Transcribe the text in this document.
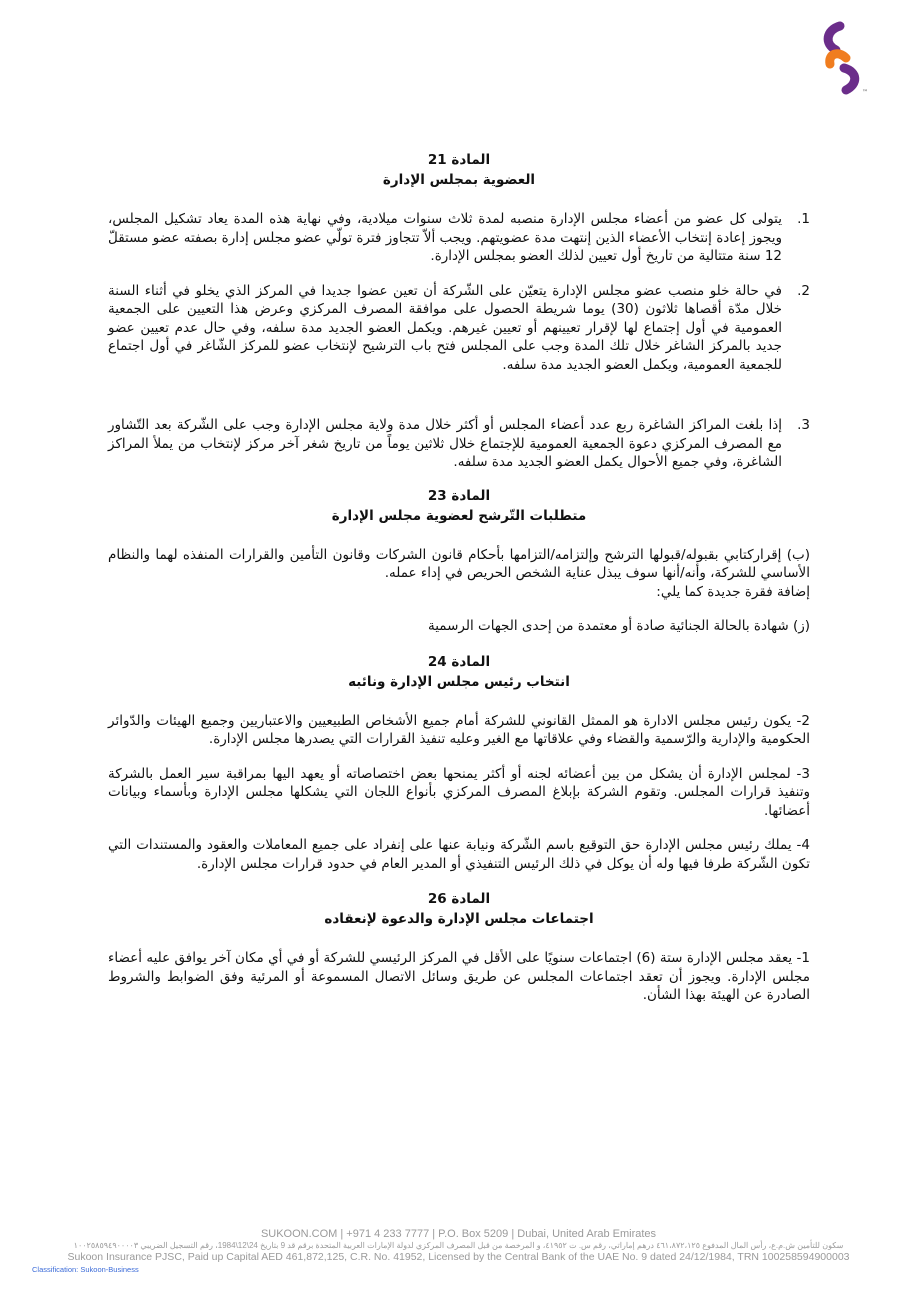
™
المادة 21
العضوية بمجلس الإدارة
1.
يتولى كل عضو من أعضاء مجلس الإدارة منصبه لمدة ثلاث سنوات ميلادية، وفي نهاية هذه المدة يعاد تشكيل المجلس، ويجوز إعادة إنتخاب الأعضاء الذين إنتهت مدة عضويتهم. ويجب ألاّ تتجاوز فترة تولّي عضو مجلس إدارة بصفته عضو مستقلّ 12 سنة متتالية من تاريخ أول تعيين لذلك العضو بمجلس الإدارة.
2.
في حالة خلو منصب عضو مجلس الإدارة يتعيّن على الشّركة أن تعين عضوا جديدا في المركز الذي يخلو في أثناء السنة خلال مدّة أقصاها ثلاثون (30) يوما شريطة الحصول على موافقة المصرف المركزي وعرض هذا التعيين على الجمعية العمومية في أول إجتماع لها لإقرار تعيينهم أو تعيين غيرهم. ويكمل العضو الجديد مدة سلفه، وفي حال عدم تعيين عضو جديد بالمركز الشاغر خلال تلك المدة وجب على المجلس فتح باب الترشيح لإنتخاب عضو للمركز الشّاغر في أول اجتماع للجمعية العمومية، ويكمل العضو الجديد مدة سلفه.
3.
إذا بلغت المراكز الشاغرة ربع عدد أعضاء المجلس أو أكثر خلال مدة ولاية مجلس الإدارة وجب على الشّركة بعد التّشاور مع المصرف المركزي دعوة الجمعية العمومية للإجتماع خلال ثلاثين يوماً من تاريخ شغر آخر مركز لإنتخاب من يملأ المراكز الشاغرة، وفي جميع الأحوال يكمل العضو الجديد مدة سلفه.
المادة 23
متطلبات التّرشح لعضوية مجلس الإدارة
(ب) إقراركتابي بقبوله/قبولها الترشح وإلتزامه/التزامها بأحكام قانون الشركات وقانون التأمين والقرارات المنفذه لهما والنظام الأساسي للشركة، وأنه/أنها سوف يبذل عناية الشخص الحريص في إداء عمله.
إضافة فقرة جديدة كما يلي:
(ز) شهادة بالحالة الجنائية صادة أو معتمدة من إحدى الجهات الرسمية
المادة 24
انتخاب رئيس مجلس الإدارة ونائبه
2- يكون رئيس مجلس الادارة هو الممثل القانوني للشركة أمام جميع الأشخاص الطبيعيين والاعتباريين وجميع الهيئات والدّوائر الحكومية والإدارية والرّسمية والقضاء وفي علاقاتها مع الغير وعليه تنفيذ القرارات التي يصدرها مجلس الإدارة.
3- لمجلس الإدارة أن يشكل من بين أعضائه لجنه أو أكثر يمنحها بعض اختصاصاته أو يعهد اليها بمراقبة سير العمل بالشركة وتنفيذ قرارات المجلس. وتقوم الشركة بإبلاغ المصرف المركزي بأنواع اللجان التي يشكلها مجلس الإدارة وبأسماء وبيانات أعضائها.
4- يملك رئيس مجلس الإدارة حق التوقيع باسم الشّركة ونيابة عنها على إنفراد على جميع المعاملات والعقود والمستندات التي تكون الشّركة طرفا فيها وله أن يوكل في ذلك الرئيس التنفيذي أو المدير العام في حدود قرارات مجلس الإدارة.
المادة 26
اجتماعات مجلس الإدارة والدعوة لإنعقاده
1- يعقد مجلس الإدارة ستة (6) اجتماعات سنويًا على الأقل في المركز الرئيسي للشركة أو في أي مكان آخر يوافق عليه أعضاء مجلس الإدارة. ويجوز أن تعقد اجتماعات المجلس عن طريق وسائل الاتصال المسموعة أو المرئية وفق الضوابط والشروط الصادرة عن الهيئة بهذا الشأن.
SUKOON.COM | +971 4 233 7777 | P.O. Box 5209 | Dubai, United Arab Emirates
سكون للتأمين ش.م.ع، رأس المال المدفوع ٤٦١،٨٧٢،١٢٥ درهم إماراتي، رقم س. ت ٤١٩٥٢، و المرخصة من قبل المصرف المركزي لدولة الإمارات العربية المتحدة برقم قد 9 بتاريخ 24\12\1984، رقم التسجيل الضريبي ١٠٠٢٥٨٥٩٤٩٠٠٠٠٣
Sukoon Insurance PJSC, Paid up Capital AED 461,872,125, C.R. No. 41952, Licensed by the Central Bank of the UAE No. 9 dated 24/12/1984, TRN 100258594900003
Classification: Sukoon-Business
